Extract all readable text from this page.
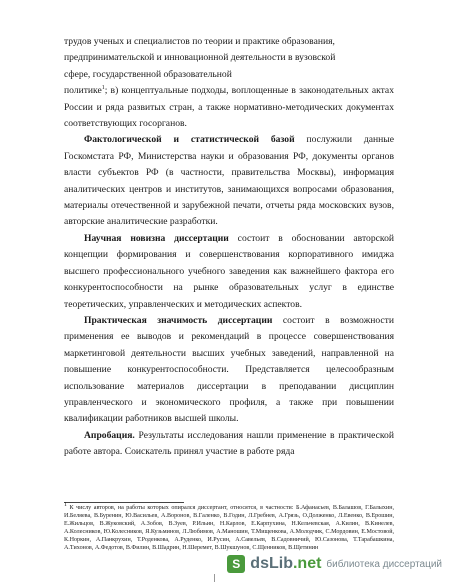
трудов ученых и специалистов по теории и практике образования,
предпринимательской и инновационной деятельности в вузовской
сфере, государственной образовательной

политике$^1$; в) концептуальные подходы, воплощенные в законодательных актах России и ряда развитых стран, а также нормативно-методических документах соответствующих госорганов.

Фактологической и статистической базой послужили данные Госкомстата РФ, Министерства науки и образования РФ, документы органов власти субъектов РФ (в частности, правительства Москвы), информация аналитических центров и институтов, занимающихся вопросами образования, материалы отечественной и зарубежной печати, отчеты ряда московских вузов, авторские аналитические разработки.

Научная новизна диссертации состоит в обосновании авторской концепции формирования и совершенствования корпоративного имиджа высшего профессионального учебного заведения как важнейшего фактора его конкурентоспособности на рынке образовательных услуг в единстве теоретических, управленческих и методических аспектов.

Практическая значимость диссертации состоит в возможности применения ее выводов и рекомендаций в процессе совершенствования маркетинговой деятельности высших учебных заведений, направленной на повышение конкурентоспособности. Представляется целесообразным использование материалов диссертации в преподавании дисциплин управленческого и экономического профиля, а также при повышении квалификации работников высшей школы.

Апробация. Результаты исследования нашли применение в практической работе автора. Соискатель принял участие в работе ряда

1 К числу авторов, на работы которых опирался диссертант, относятся, в частности: Б.Афанасьев, В.Балашов, Г.Балыхин, И.Беляева, В.Буренин, Ю.Васильев, А.Воронов, В.Галенко, В.Годин, Л.Гребнев, А.Грязь, О.Долженко, Л.Евенко, В.Ерошин, Е.Жильцов, В.Жуковский, А.Зобов, В.Зуев, Р.Ильин, Н.Карлов, Е.Карпухина, Н.Кельчевская, А.Килин, В.Кинелев, А.Колесников, Ю.Колесников, Я.Кузьминов, Л.Любимов, А.Маношин, Т.Мищенкова, А.Молодчик, С.Мордовин, Е.Мостовой, К.Норкин, А.Панкрухин, Т.Роденкова, А.Руденко, И.Русин, А.Савельев, В.Садовничий, Ю.Сазонова, Т.Тарабашкина, А.Тихонов, А.Федотов, В.Филин, В.Шадрин, Н.Шеремет, В.Шукшунов, С.Щенников, В.Щетинин

S dsLib.net библиотека диссертаций
